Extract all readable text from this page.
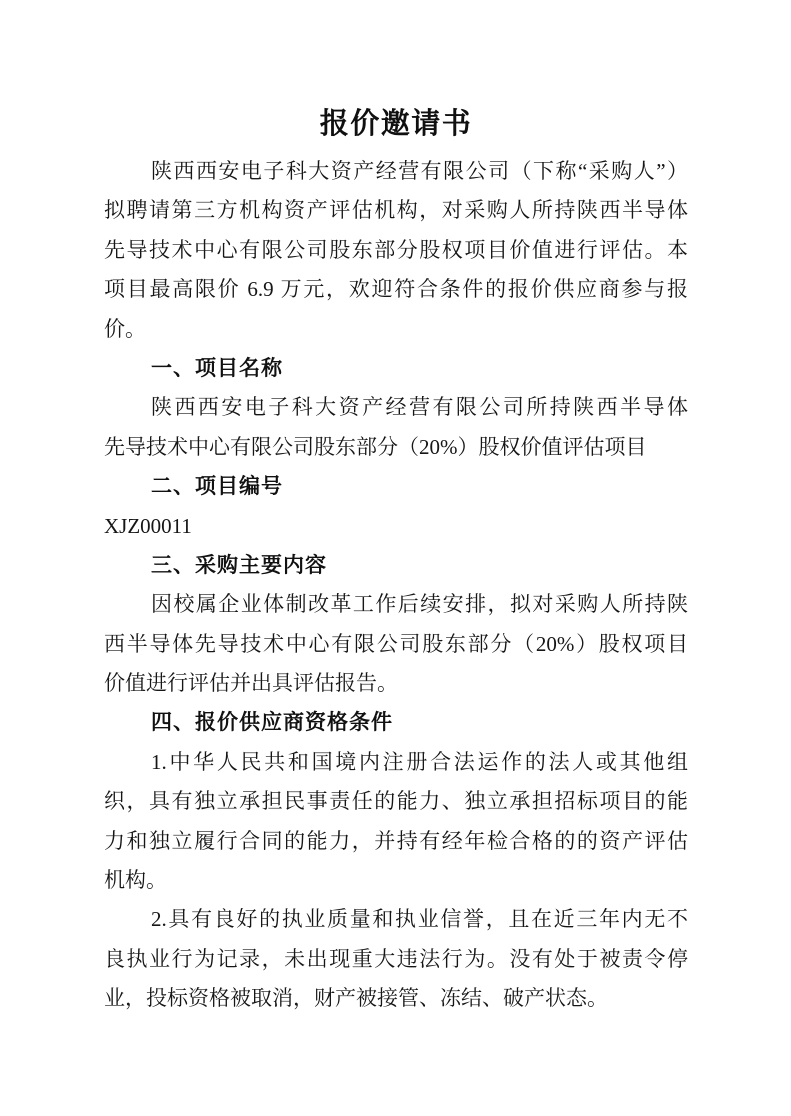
报价邀请书
陕西西安电子科大资产经营有限公司（下称“采购人”）
拟聘请第三方机构资产评估机构，对采购人所持陕西半导体
先导技术中心有限公司股东部分股权项目价值进行评估。本
项目最高限价 6.9 万元，欢迎符合条件的报价供应商参与报
价。
一、项目名称
陕西西安电子科大资产经营有限公司所持陕西半导体
先导技术中心有限公司股东部分（20%）股权价值评估项目
二、项目编号
XJZ00011
三、采购主要内容
因校属企业体制改革工作后续安排，拟对采购人所持陕
西半导体先导技术中心有限公司股东部分（20%）股权项目
价值进行评估并出具评估报告。
四、报价供应商资格条件
1.中华人民共和国境内注册合法运作的法人或其他组
织，具有独立承担民事责任的能力、独立承担招标项目的能
力和独立履行合同的能力，并持有经年检合格的的资产评估
机构。
2.具有良好的执业质量和执业信誉，且在近三年内无不
良执业行为记录，未出现重大违法行为。没有处于被责令停
业，投标资格被取消，财产被接管、冻结、破产状态。
